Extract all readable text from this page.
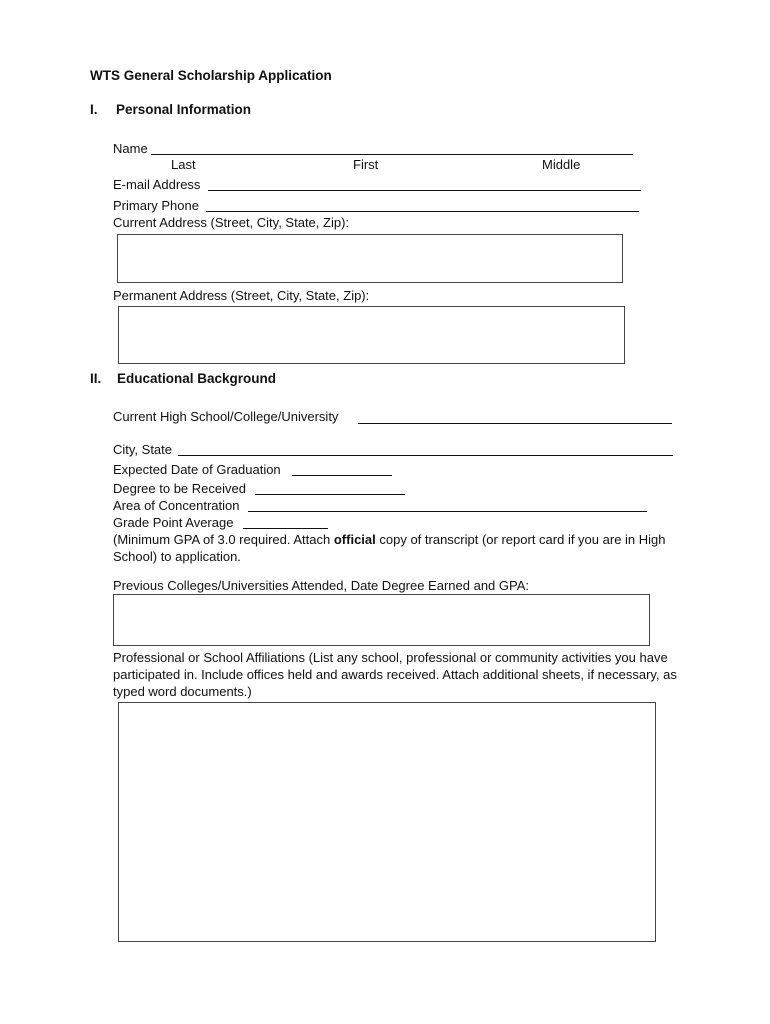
WTS General Scholarship Application
I. Personal Information
Name
Last	First	Middle
E-mail Address
Primary Phone
Current Address (Street, City, State, Zip):
Permanent Address (Street, City, State, Zip):
II. Educational Background
Current High School/College/University
City, State
Expected Date of Graduation
Degree to be Received
Area of Concentration
Grade Point Average
(Minimum GPA of 3.0 required. Attach official copy of transcript (or report card if you are in High School) to application.
Previous Colleges/Universities Attended, Date Degree Earned and GPA:
Professional or School Affiliations (List any school, professional or community activities you have participated in. Include offices held and awards received. Attach additional sheets, if necessary, as typed word documents.)
